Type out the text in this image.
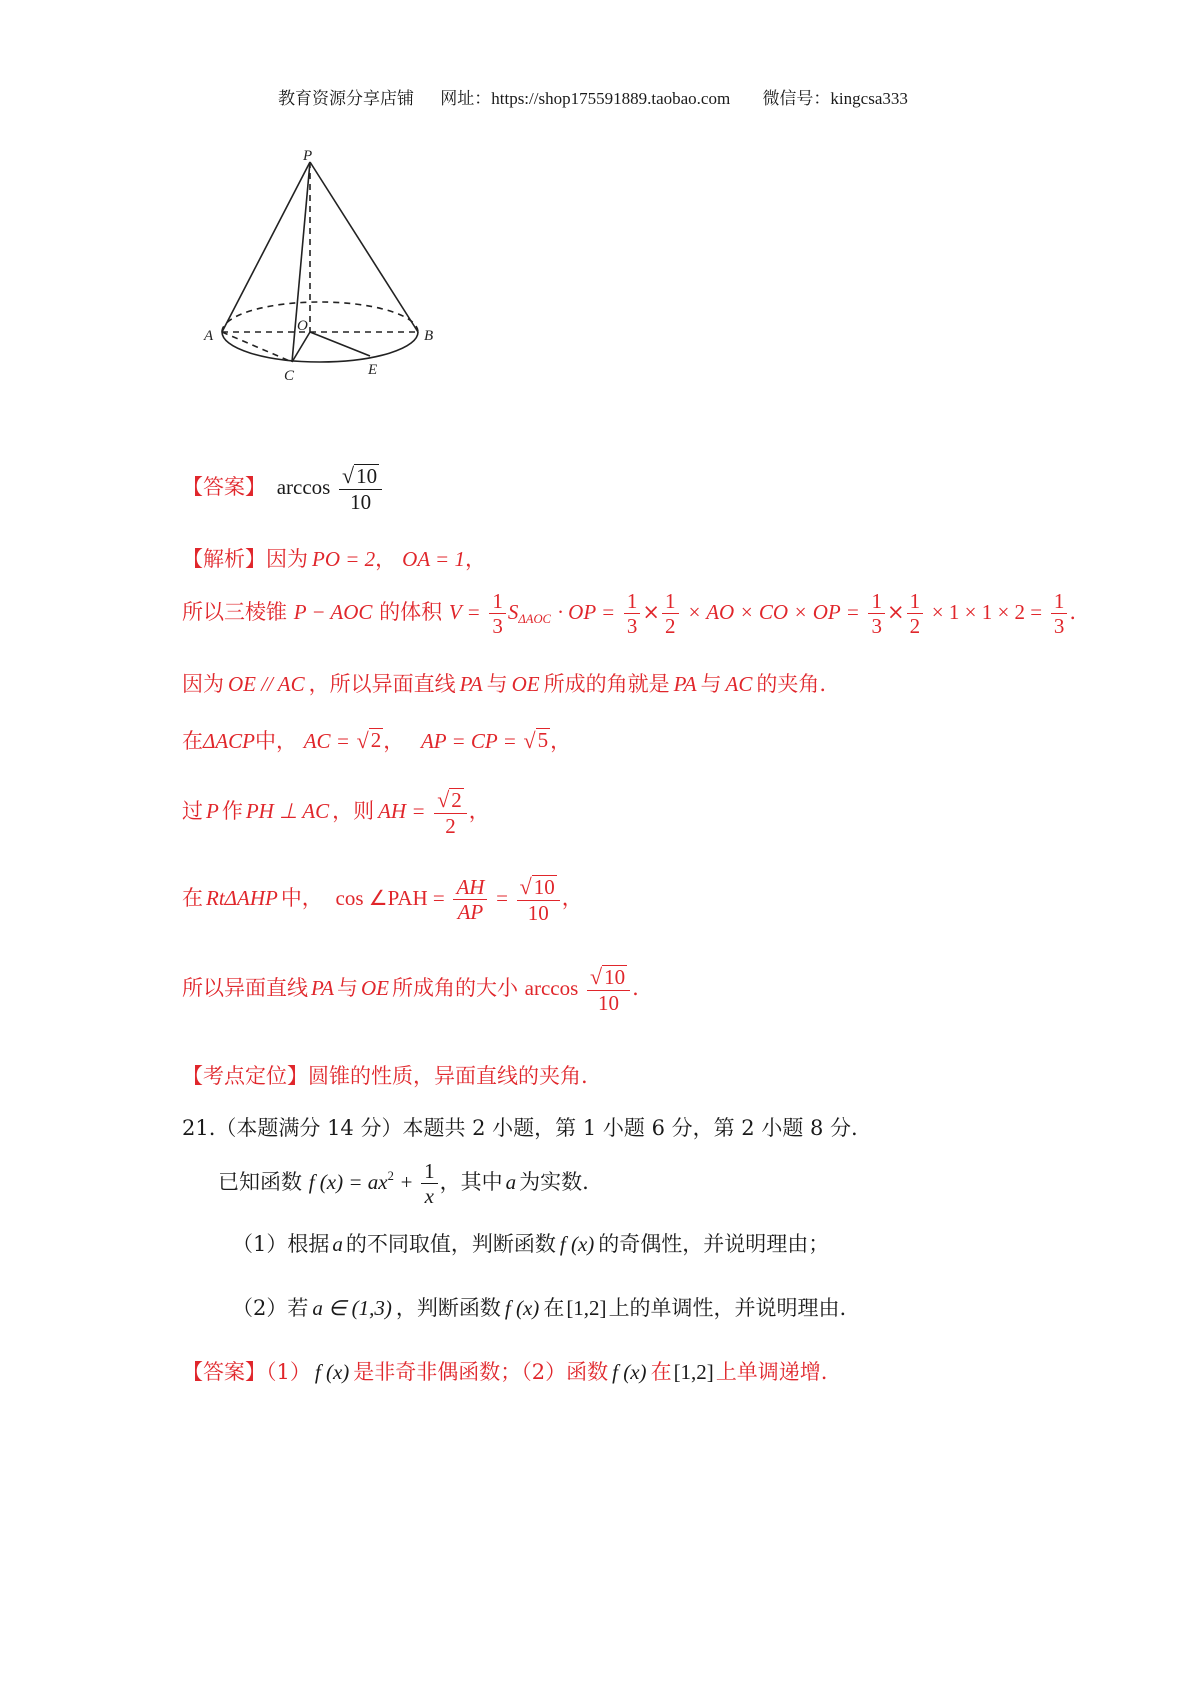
教育资源分享店铺 网址：https://shop175591889.taobao.com 微信号：kingcsa333
P
A	B
O
C	E
【答案】 $\arccos \frac{√ 10}{10}$
【解析】因为 PO = 2， OA = 1，
所以三棱锥 P − AOC 的体积 $V = \frac{1}{3} S_{\Delta AOC}$ · OP = $\frac{1}{3} \times \frac{1}{2}$ × AO × CO × OP = $\frac{1}{3} \times \frac{1}{2} \times 1 \times 1 \times 2 = \frac{1}{3}$ .
因为 OE // AC ，所以异面直线 PA 与 OE 所成的角就是 PA 与 AC 的夹角.
在ΔACP中， AC = √ 2 ， AP = CP = √ 5 ，
过 P 作 PH ⊥ AC ，则 AH = $\frac{√ 2}{2}$ ，
在 RtΔAHP 中， cos ∠PAH = $\frac{AH}{AP} = \frac{√ 10}{10}$ ，
所以异面直线 PA 与 OE 所成角的大小 $\arccos \frac{√ 10}{10}$ .
【考点定位】圆锥的性质，异面直线的夹角.
21.（本题满分 14 分）本题共 2 小题，第 1 小题 6 分，第 2 小题 8 分.
已知函数 f $(x) = ax^2 + \frac{1}{x}$ ，其中 a 为实数.
（1）根据 a 的不同取值，判断函数 f (x) 的奇偶性，并说明理由；
（2）若 a ∈ (1,3) ，判断函数 f (x) 在[1,2]上的单调性，并说明理由.
【答案】（1） f (x) 是非奇非偶函数；（2）函数 f (x) 在[1,2]上单调递增.
